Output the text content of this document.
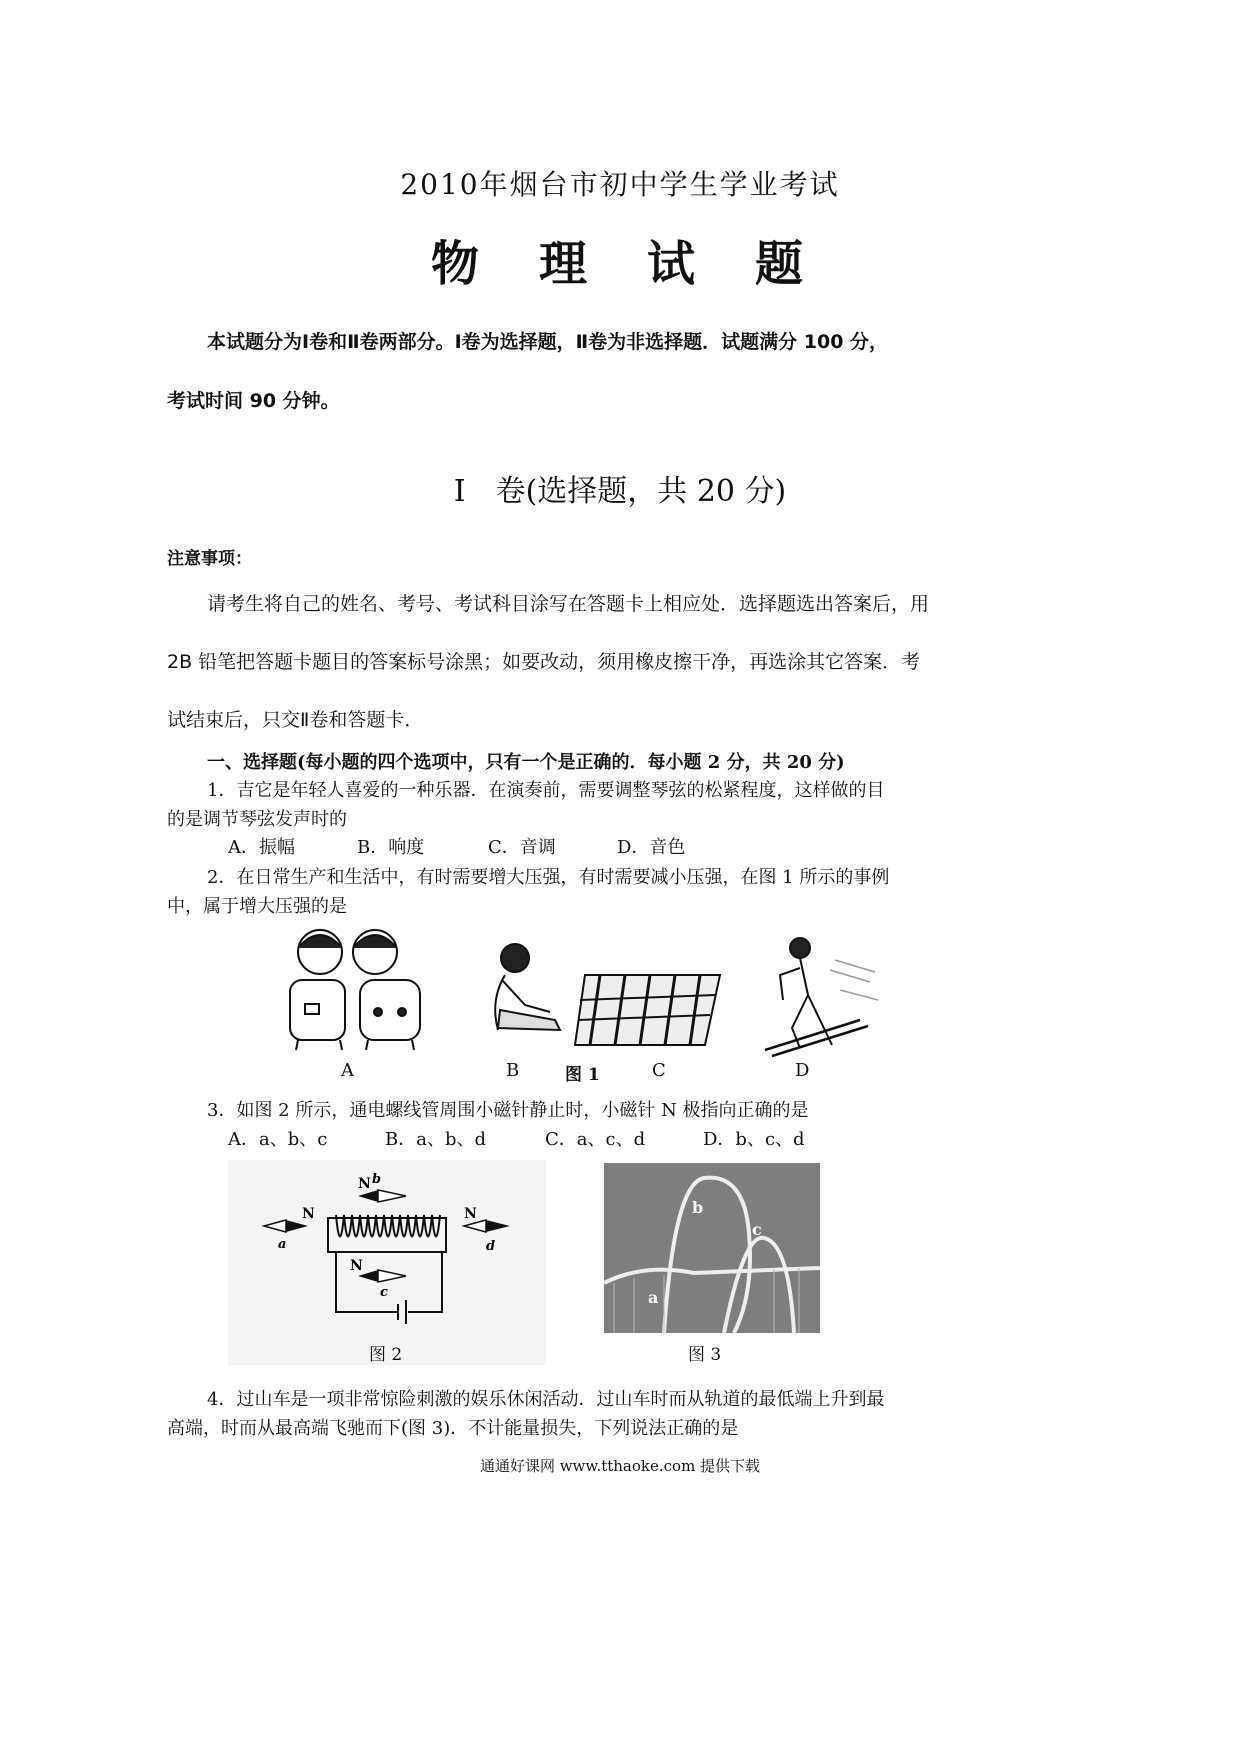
2010年烟台市初中学生学业考试
物　理　试　题
本试题分为Ⅰ卷和Ⅱ卷两部分。Ⅰ卷为选择题，Ⅱ卷为非选择题．试题满分 100 分，
考试时间 90 分钟。
Ⅰ　卷(选择题，共 20 分)
注意事项：
请考生将自己的姓名、考号、考试科目涂写在答题卡上相应处．选择题选出答案后，用
2B 铅笔把答题卡题目的答案标号涂黑；如要改动，须用橡皮擦干净，再选涂其它答案．考
试结束后，只交Ⅱ卷和答题卡．
一、选择题(每小题的四个选项中，只有一个是正确的．每小题 2 分，共 20 分)
1．吉它是年轻人喜爱的一种乐器．在演奏前，需要调整琴弦的松紧程度，这样做的目
的是调节琴弦发声时的
A．振幅	B．响度	C．音调	D．音色
2．在日常生产和生活中，有时需要增大压强，有时需要减小压强，在图 1 所示的事例
中，属于增大压强的是
A	B	图 1	C	D
3．如图 2 所示，通电螺线管周围小磁针静止时，小磁针 N 极指向正确的是
A．a、b、c	B．a、b、d	C．a、c、d	D．b、c、d
N b
N
a
N
d
N
c
图 2
a
b
c
图 3
4．过山车是一项非常惊险刺激的娱乐休闲活动．过山车时而从轨道的最低端上升到最
高端，时而从最高端飞驰而下(图 3)．不计能量损失，下列说法正确的是
通通好课网 www.tthaoke.com 提供下载
